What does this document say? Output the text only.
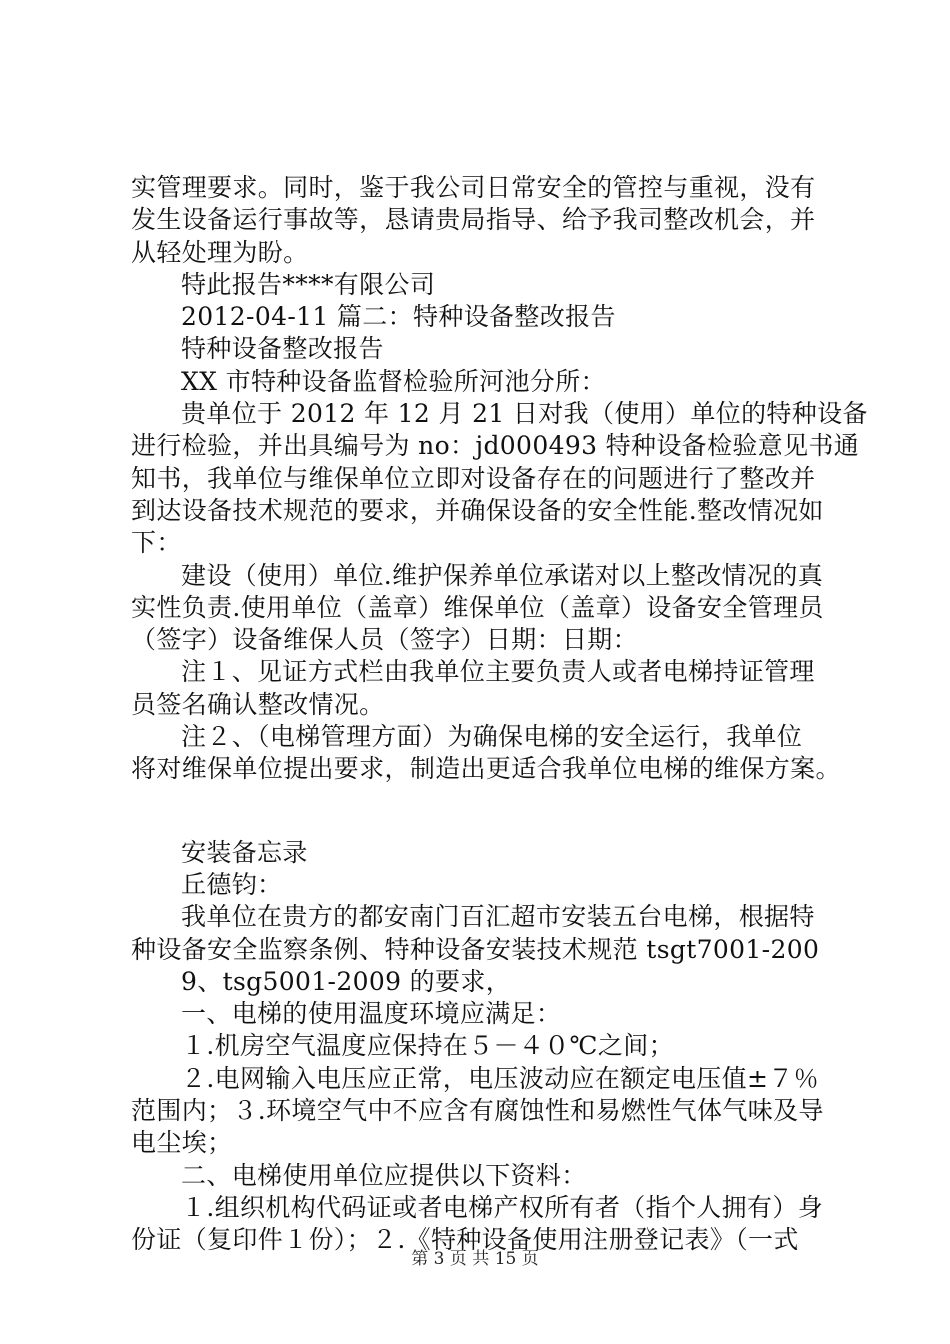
实管理要求。同时，鉴于我公司日常安全的管控与重视，没有
发生设备运行事故等，恳请贵局指导、给予我司整改机会，并
从轻处理为盼。
特此报告****有限公司
2012-04-11 篇二：特种设备整改报告
特种设备整改报告
XX 市特种设备监督检验所河池分所：
贵单位于 2012 年 12 月 21 日对我（使用）单位的特种设备
进行检验，并出具编号为 no：jd000493 特种设备检验意见书通
知书，我单位与维保单位立即对设备存在的问题进行了整改并
到达设备技术规范的要求，并确保设备的安全性能.整改情况如
下：
建设（使用）单位.维护保养单位承诺对以上整改情况的真
实性负责.使用单位（盖章）维保单位（盖章）设备安全管理员
（签字）设备维保人员（签字）日期：日期：
注１、见证方式栏由我单位主要负责人或者电梯持证管理
员签名确认整改情况。
注２、（电梯管理方面）为确保电梯的安全运行，我单位
将对维保单位提出要求，制造出更适合我单位电梯的维保方案。
安装备忘录
丘德钧：
我单位在贵方的都安南门百汇超市安装五台电梯，根据特
种设备安全监察条例、特种设备安装技术规范 tsgt7001-200
9、tsg5001-2009 的要求，
一、电梯的使用温度环境应满足：
１.机房空气温度应保持在５－４０℃之间；
２.电网输入电压应正常，电压波动应在额定电压值±７％
范围内；３.环境空气中不应含有腐蚀性和易燃性气体气味及导
电尘埃；
二、电梯使用单位应提供以下资料：
１.组织机构代码证或者电梯产权所有者（指个人拥有）身
份证（复印件１份）；２.《特种设备使用注册登记表》（一式
第 3 页 共 15 页
